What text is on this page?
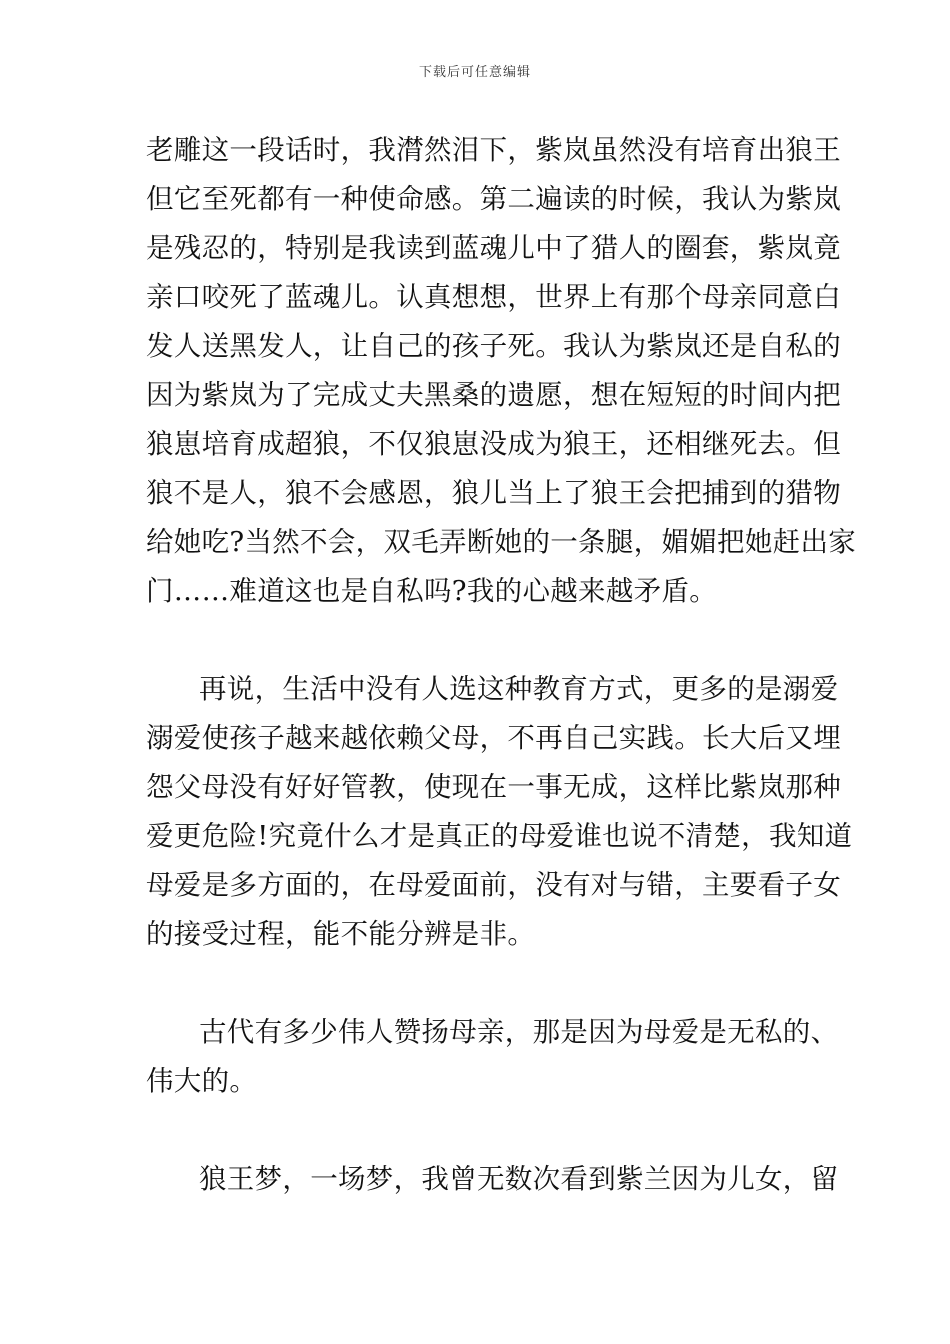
下载后可任意编辑
老雕这一段话时，我潸然泪下，紫岚虽然没有培育出狼王
但它至死都有一种使命感。第二遍读的时候，我认为紫岚
是残忍的，特别是我读到蓝魂儿中了猎人的圈套，紫岚竟
亲口咬死了蓝魂儿。认真想想，世界上有那个母亲同意白
发人送黑发人，让自己的孩子死。我认为紫岚还是自私的
因为紫岚为了完成丈夫黑桑的遗愿，想在短短的时间内把
狼崽培育成超狼，不仅狼崽没成为狼王，还相继死去。但
狼不是人，狼不会感恩，狼儿当上了狼王会把捕到的猎物
给她吃?当然不会，双毛弄断她的一条腿，媚媚把她赶出家
门……难道这也是自私吗?我的心越来越矛盾。
再说，生活中没有人选这种教育方式，更多的是溺爱
溺爱使孩子越来越依赖父母，不再自己实践。长大后又埋
怨父母没有好好管教，使现在一事无成，这样比紫岚那种
爱更危险!究竟什么才是真正的母爱谁也说不清楚，我知道
母爱是多方面的，在母爱面前，没有对与错，主要看子女
的接受过程，能不能分辨是非。
古代有多少伟人赞扬母亲，那是因为母爱是无私的、
伟大的。
狼王梦，一场梦，我曾无数次看到紫兰因为儿女，留
